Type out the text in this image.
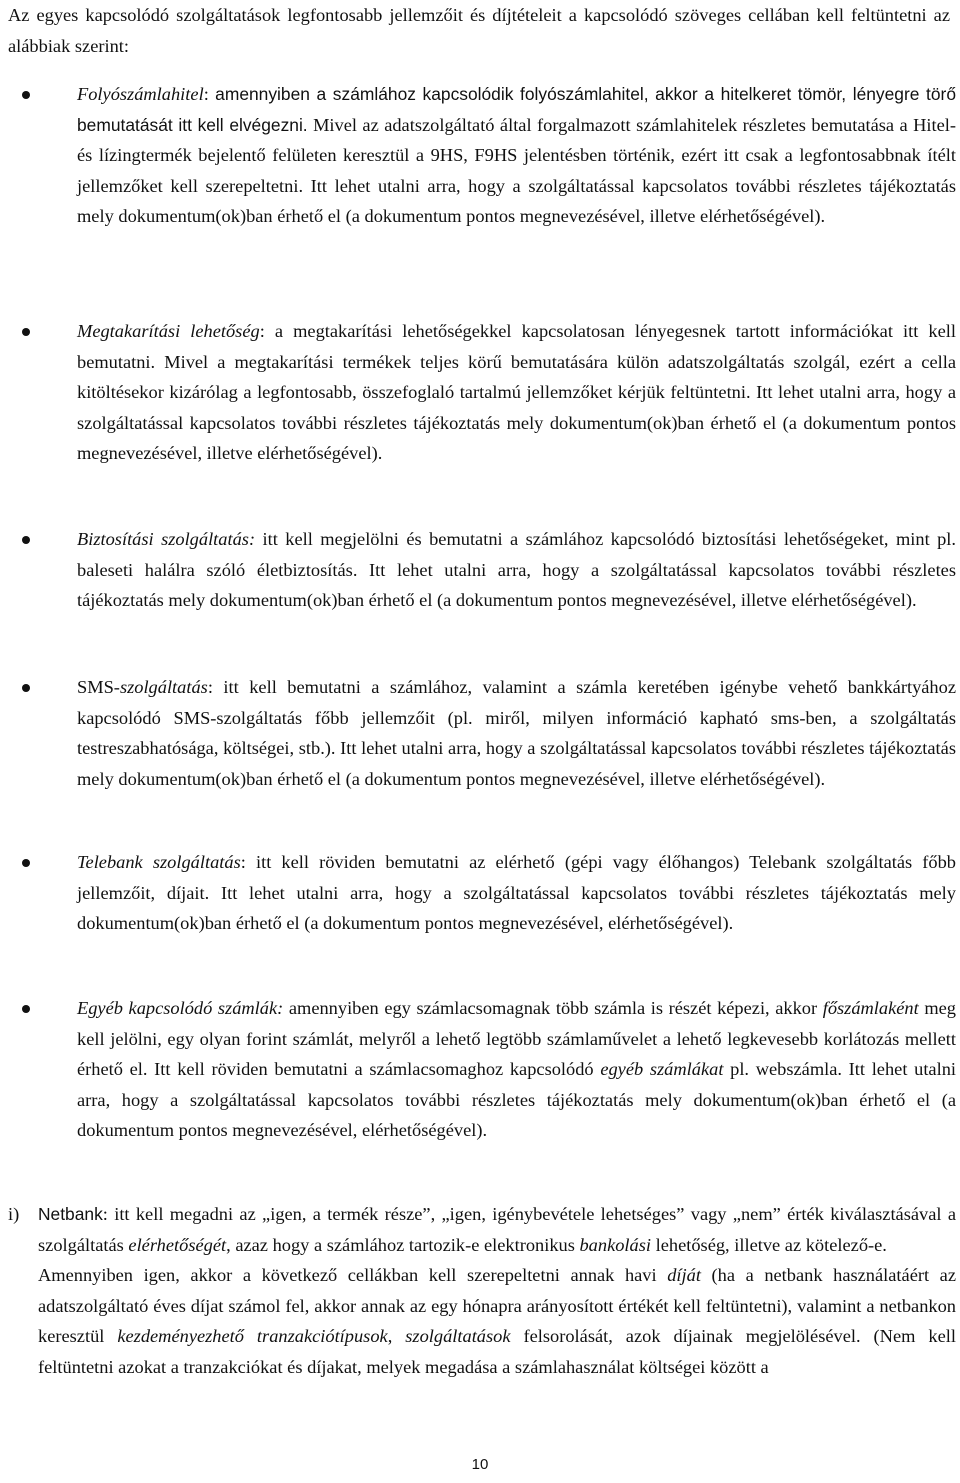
Az egyes kapcsolódó szolgáltatások legfontosabb jellemzőit és díjtételeit a kapcsolódó szöveges cellában kell feltüntetni az alábbiak szerint:

Folyószámlahitel: amennyiben a számlához kapcsolódik folyószámlahitel, akkor a hitelkeret tömör, lényegre törő bemutatását itt kell elvégezni. Mivel az adatszolgáltató által forgalmazott számlahitelek részletes bemutatása a Hitel-és lízingtermék bejelentő felületen keresztül a 9HS, F9HS jelentésben történik, ezért itt csak a legfontosabbnak ítélt jellemzőket kell szerepeltetni. Itt lehet utalni arra, hogy a szolgáltatással kapcsolatos további részletes tájékoztatás mely dokumentum(ok)ban érhető el (a dokumentum pontos megnevezésével, illetve elérhetőségével).

Megtakarítási lehetőség: a megtakarítási lehetőségekkel kapcsolatosan lényegesnek tartott információkat itt kell bemutatni. Mivel a megtakarítási termékek teljes körű bemutatására külön adatszolgáltatás szolgál, ezért a cella kitöltésekor kizárólag a legfontosabb, összefoglaló tartalmú jellemzőket kérjük feltüntetni. Itt lehet utalni arra, hogy a szolgáltatással kapcsolatos további részletes tájékoztatás mely dokumentum(ok)ban érhető el (a dokumentum pontos megnevezésével, illetve elérhetőségével).

Biztosítási szolgáltatás: itt kell megjelölni és bemutatni a számlához kapcsolódó biztosítási lehetőségeket, mint pl. baleseti halálra szóló életbiztosítás. Itt lehet utalni arra, hogy a szolgáltatással kapcsolatos további részletes tájékoztatás mely dokumentum(ok)ban érhető el (a dokumentum pontos megnevezésével, illetve elérhetőségével).

SMS-szolgáltatás: itt kell bemutatni a számlához, valamint a számla keretében igénybe vehető bankkártyához kapcsolódó SMS-szolgáltatás főbb jellemzőit (pl. miről, milyen információ kapható sms-ben, a szolgáltatás testreszabhatósága, költségei, stb.). Itt lehet utalni arra, hogy a szolgáltatással kapcsolatos további részletes tájékoztatás mely dokumentum(ok)ban érhető el (a dokumentum pontos megnevezésével, illetve elérhetőségével).

Telebank szolgáltatás: itt kell röviden bemutatni az elérhető (gépi vagy élőhangos) Telebank szolgáltatás főbb jellemzőit, díjait. Itt lehet utalni arra, hogy a szolgáltatással kapcsolatos további részletes tájékoztatás mely dokumentum(ok)ban érhető el (a dokumentum pontos megnevezésével, elérhetőségével).

Egyéb kapcsolódó számlák: amennyiben egy számlacsomagnak több számla is részét képezi, akkor főszámlaként meg kell jelölni, egy olyan forint számlát, melyről a lehető legtöbb számlaművelet a lehető legkevesebb korlátozás mellett érhető el. Itt kell röviden bemutatni a számlacsomaghoz kapcsolódó egyéb számlákat pl. webszámla. Itt lehet utalni arra, hogy a szolgáltatással kapcsolatos további részletes tájékoztatás mely dokumentum(ok)ban érhető el (a dokumentum pontos megnevezésével, elérhetőségével).

i) Netbank: itt kell megadni az „igen, a termék része”, „igen, igénybevétele lehetséges” vagy „nem” érték kiválasztásával a szolgáltatás elérhetőségét, azaz hogy a számlához tartozik-e elektronikus bankolási lehetőség, illetve az kötelező-e.

Amennyiben igen, akkor a következő cellákban kell szerepeltetni annak havi díját (ha a netbank használatáért az adatszolgáltató éves díjat számol fel, akkor annak az egy hónapra arányosított értékét kell feltüntetni), valamint a netbankon keresztül kezdeményezhető tranzakciótípusok, szolgáltatások felsorolását, azok díjainak megjelölésével. (Nem kell feltüntetni azokat a tranzakciókat és díjakat, melyek megadása a számlahasználat költségei között a

10
